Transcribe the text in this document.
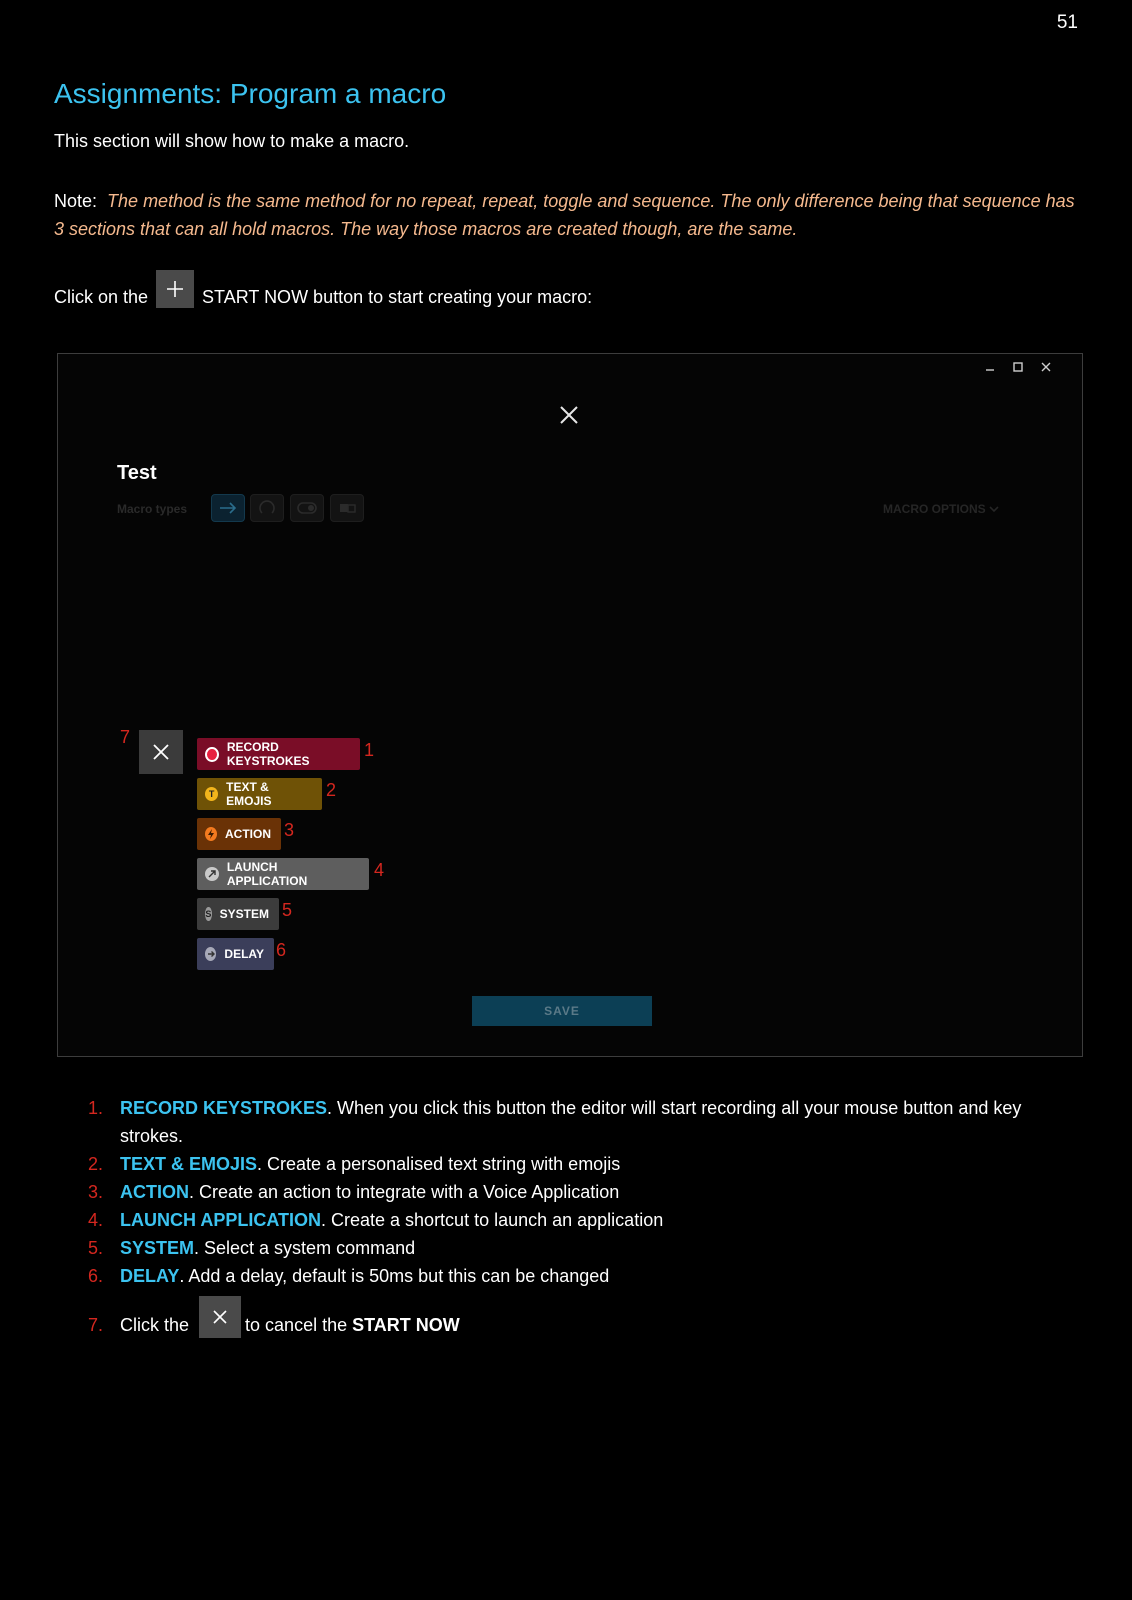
51
Assignments: Program a macro
This section will show how to make a macro.
Note: The method is the same method for no repeat, repeat, toggle and sequence. The only difference being that sequence has 3 sections that can all hold macros. The way those macros are created though, are the same.
Click on the	START NOW button to start creating your macro:
Test
Macro types	MACRO OPTIONS
7	RECORD KEYSTROKES
1
T TEXT & EMOJIS
2
ACTION 3
LAUNCH APPLICATION
4
S SYSTEM 5
DELAY 6
SAVE
1. RECORD KEYSTROKES. When you click this button the editor will start recording all your mouse button and key strokes.
2. TEXT & EMOJIS. Create a personalised text string with emojis
3. ACTION. Create an action to integrate with a Voice Application
4. LAUNCH APPLICATION. Create a shortcut to launch an application
5. SYSTEM. Select a system command
6. DELAY. Add a delay, default is 50ms but this can be changed
7. Click the	to cancel the START NOW
